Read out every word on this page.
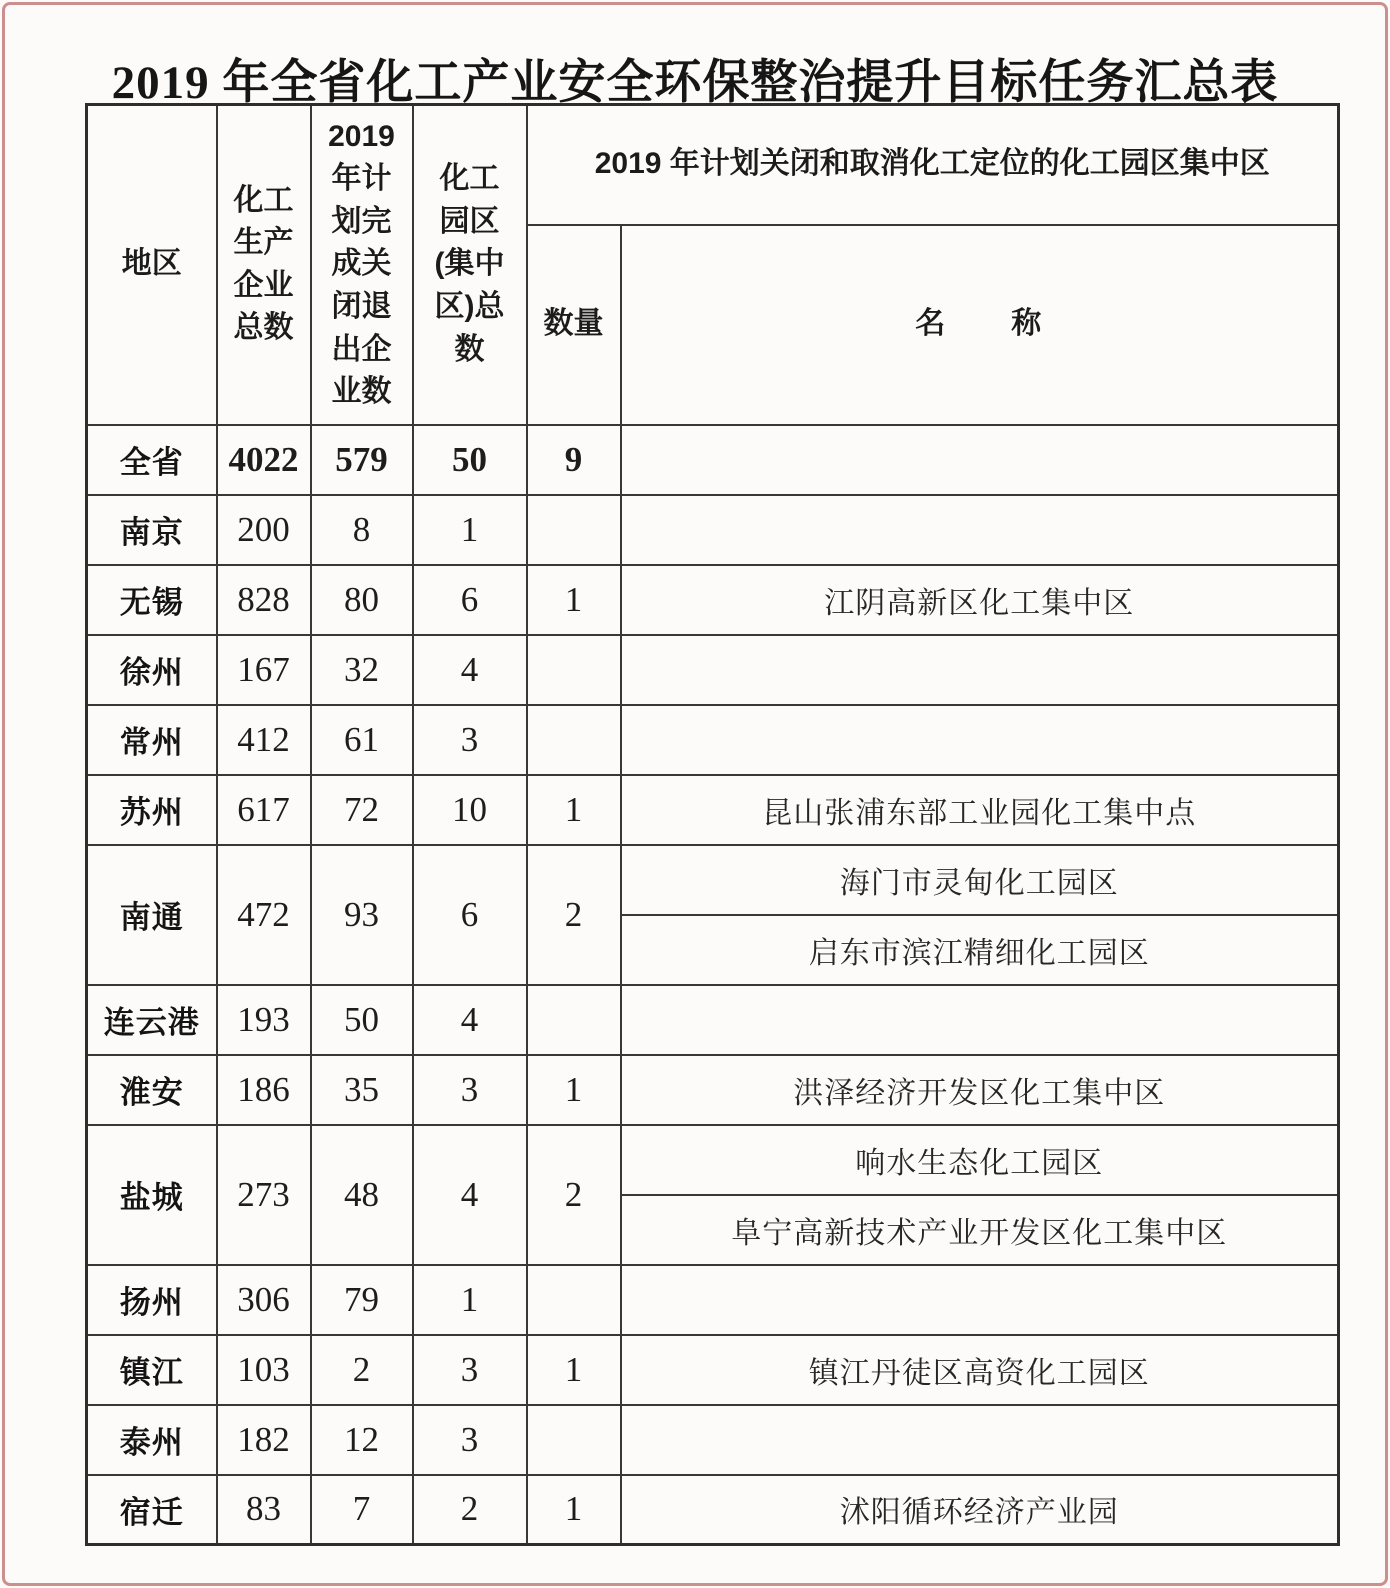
2019 年全省化工产业安全环保整治提升目标任务汇总表
地区	化工生产企业总数	2019年计划完成关闭退出企业数	化工园区(集中区)总数	2019 年计划关闭和取消化工定位的化工园区集中区	
				数量	名　　称
全省	4022	579	50	9	
南京	200	8	1		
无锡	828	80	6	1	江阴高新区化工集中区
徐州	167	32	4		
常州	412	61	3		
苏州	617	72	10	1	昆山张浦东部工业园化工集中点
南通	472	93	6	2	海门市灵甸化工园区
					启东市滨江精细化工园区
连云港	193	50	4		
淮安	186	35	3	1	洪泽经济开发区化工集中区
盐城	273	48	4	2	响水生态化工园区
					阜宁高新技术产业开发区化工集中区
扬州	306	79	1		
镇江	103	2	3	1	镇江丹徒区高资化工园区
泰州	182	12	3		
宿迁	83	7	2	1	沭阳循环经济产业园
